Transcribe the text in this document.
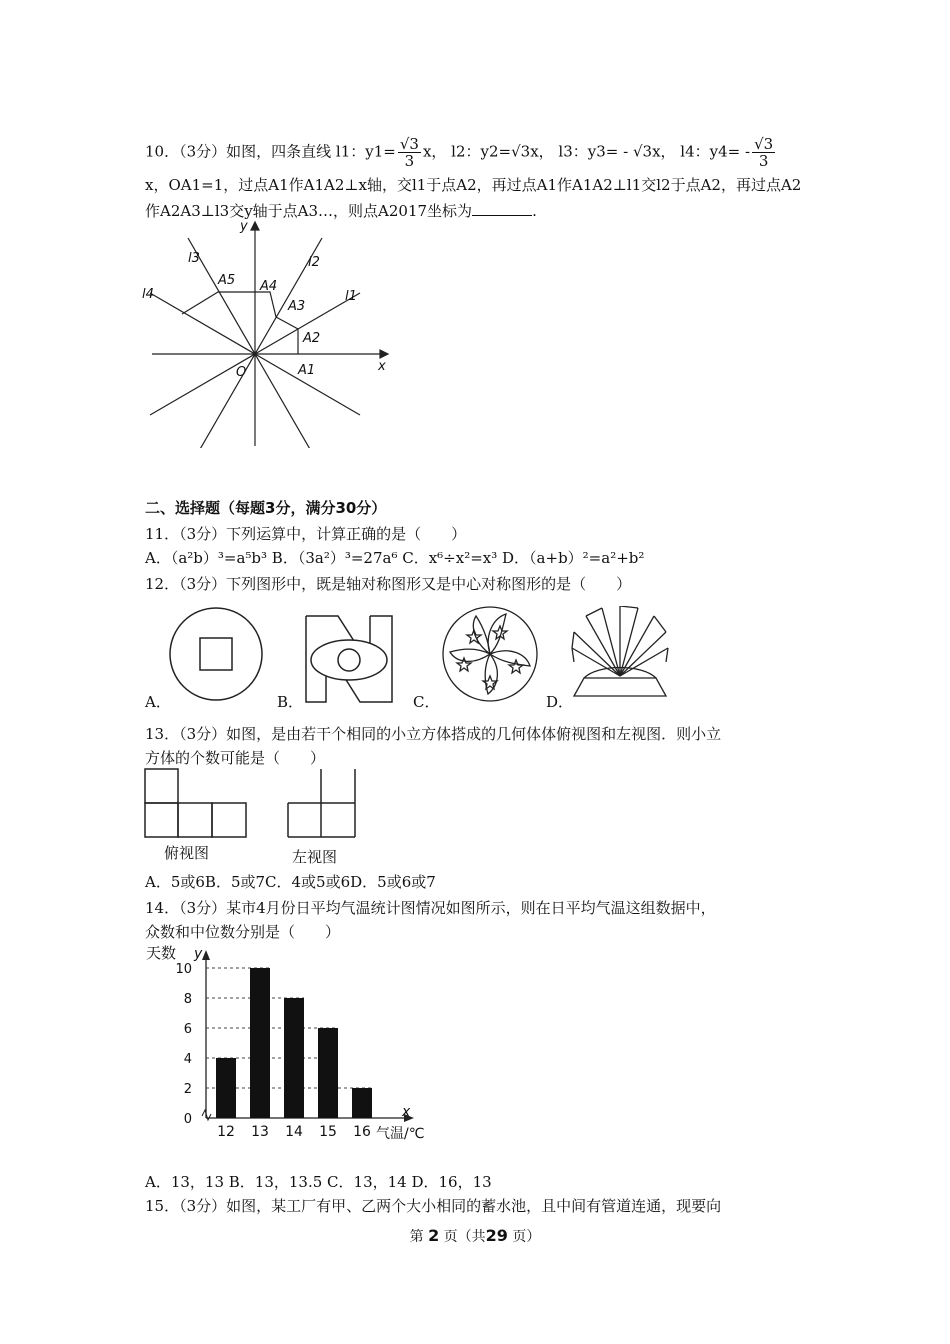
10．（3分）如图，四条直线 l1：$y1= \frac{√3}{3}$ x， l2：y2=√3x， l3：y3= - √3x， l4：$y4= - \frac{√3}{3}$
x，OA1=1，过点A1作A1A2⊥x轴，交l1于点A2，再过点A1作A1A2⊥l1交l2于点A2，再过点A2
作A2A3⊥l3交y轴于点A3…，则点A2017坐标为	.
y
x
O
l1
l2
l3
l4
A1
A2
A3
A4
A5
二、选择题（每题3分，满分30分）
11．（3分）下列运算中，计算正确的是（　　）
A．（a²b）³=a⁵b³ B．（3a²）³=27a⁶ C．x⁶÷x²=x³ D．（a+b）²=a²+b²
12．（3分）下列图形中，既是轴对称图形又是中心对称图形的是（　　）
A．	B．	C．	D．
13．（3分）如图，是由若干个相同的小立方体搭成的几何体体俯视图和左视图．则小立
方体的个数可能是（　　）
俯视图	左视图
A．5或6B．5或7C．4或5或6D．5或6或7
14．（3分）某市4月份日平均气温统计图情况如图所示，则在日平均气温这组数据中，
众数和中位数分别是（　　）
0
2
4
6
8
10
12 13 14 15 16
天数 y
x
气温/℃
A．13，13 B．13，13.5 C．13，14 D．16，13
15．（3分）如图，某工厂有甲、乙两个大小相同的蓄水池，且中间有管道连通，现要向
第 2 页（共29 页）
